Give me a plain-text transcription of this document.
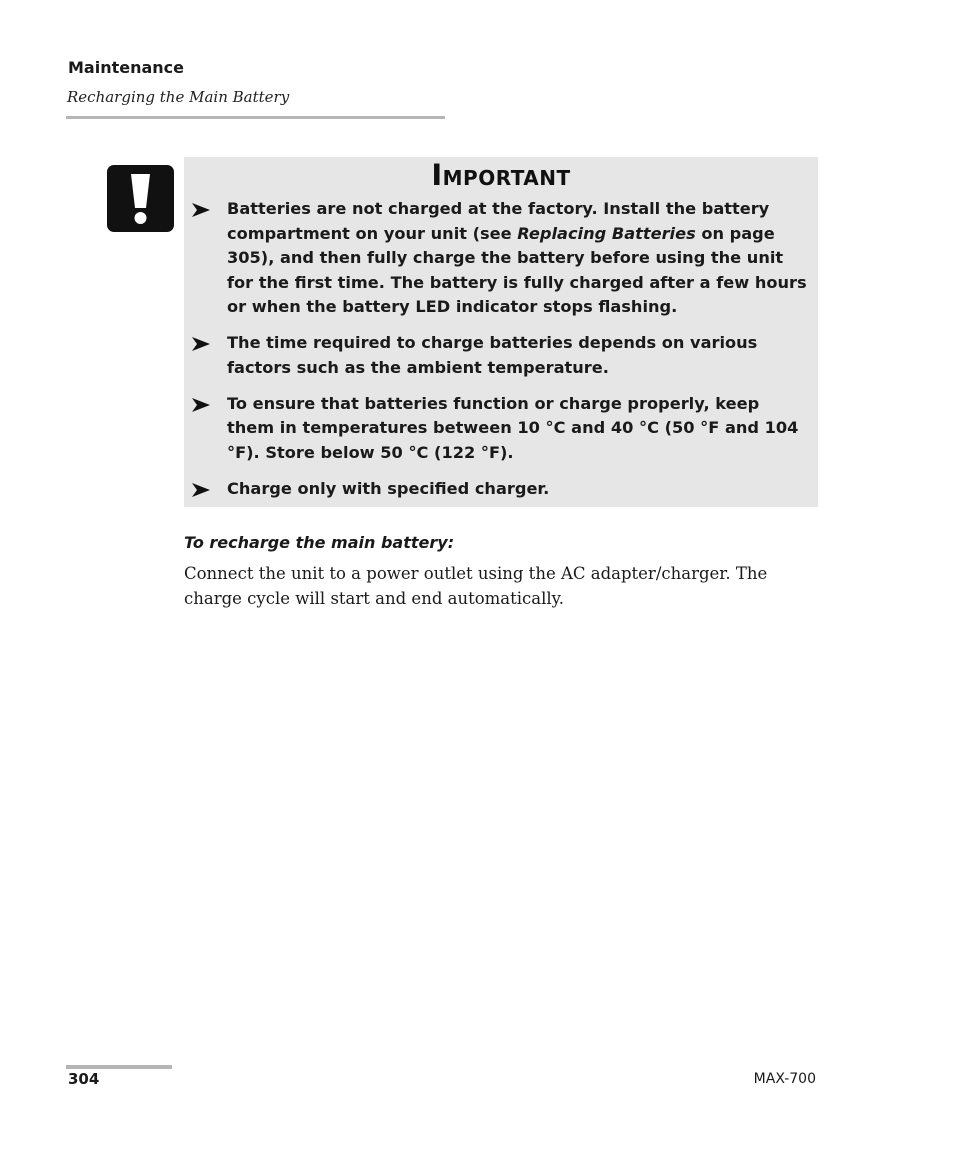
Maintenance
Recharging the Main Battery
Important
Batteries are not charged at the factory. Install the battery compartment on your unit (see Replacing Batteries on page 305), and then fully charge the battery before using the unit for the first time. The battery is fully charged after a few hours or when the battery LED indicator stops flashing.
The time required to charge batteries depends on various factors such as the ambient temperature.
To ensure that batteries function or charge properly, keep them in temperatures between 10 °C and 40 °C (50 °F and 104 °F). Store below 50 °C (122 °F).
Charge only with specified charger.
To recharge the main battery:
Connect the unit to a power outlet using the AC adapter/charger. The charge cycle will start and end automatically.
304	MAX-700
